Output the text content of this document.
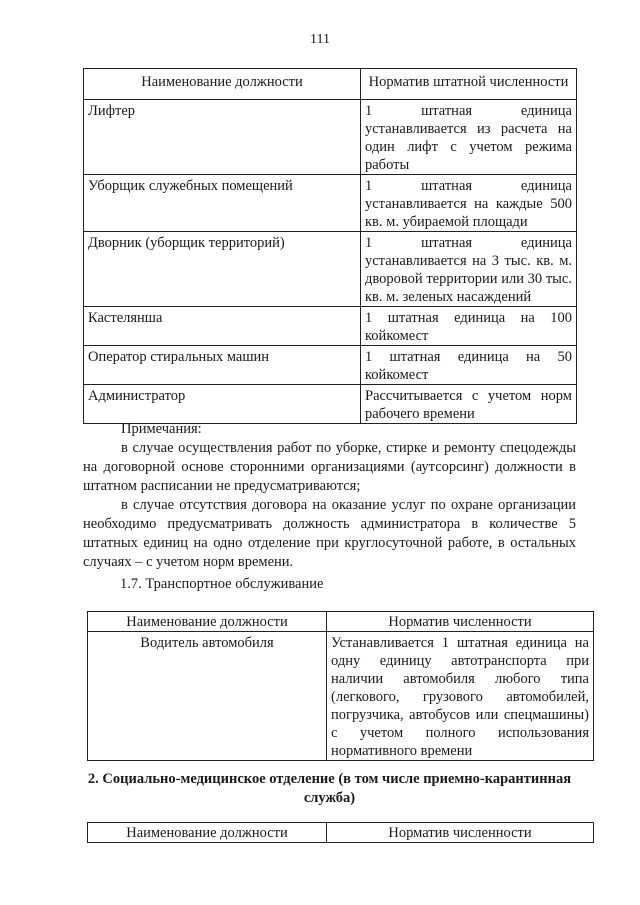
111
Наименование должности	Норматив штатной численности
Лифтер	1 штатная единица устанавливается из расчета на один лифт с учетом режима работы
Уборщик служебных помещений	1 штатная единица устанавливается на каждые 500 кв. м. убираемой площади
Дворник (уборщик территорий)	1 штатная единица устанавливается на 3 тыс. кв. м. дворовой территории или 30 тыс. кв. м. зеленых насаждений
Кастелянша	1 штатная единица на 100 койкомест
Оператор стиральных машин	1 штатная единица на 50 койкомест
Администратор	Рассчитывается с учетом норм рабочего времени

Примечания:

в случае осуществления работ по уборке, стирке и ремонту спецодежды на договорной основе сторонними организациями (аутсорсинг) должности в штатном расписании не предусматриваются;

в случае отсутствия договора на оказание услуг по охране организации необходимо предусматривать должность администратора в количестве 5 штатных единиц на одно отделение при круглосуточной работе, в остальных случаях – с учетом норм времени.

1.7. Транспортное обслуживание
Наименование должности	Норматив численности
Водитель автомобиля	Устанавливается 1 штатная единица на одну единицу автотранспорта при наличии автомобиля любого типа (легкового, грузового автомобилей, погрузчика, автобусов или спецмашины) с учетом полного использования нормативного времени
2. Социально-медицинское отделение (в том числе приемно-карантинная служба)
Наименование должности	Норматив численности
